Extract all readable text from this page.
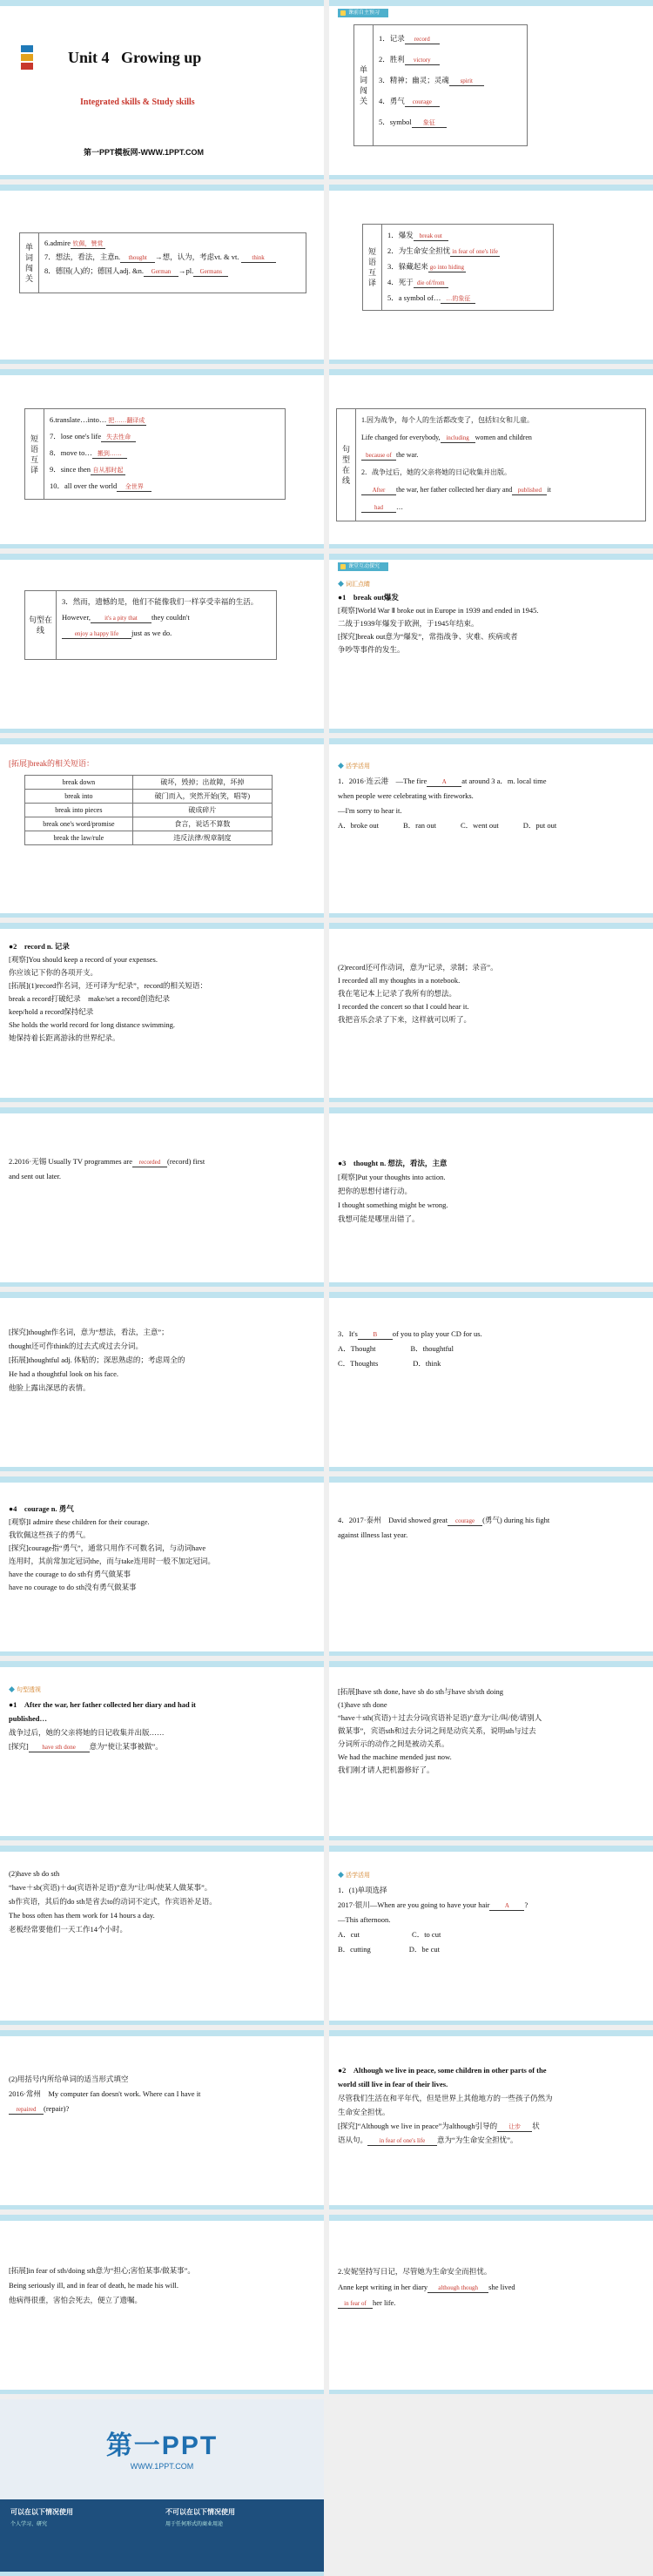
Unit 4 Growing up
Integrated skills & Study skills
第一PPT模板网-WWW.1PPT.COM
课前自主预习
单词闯关
1．记录 record
2．胜利 victory
3．精神；幽灵；灵魂 spirit
4．勇气 courage
5．symbol 象征
单词闯关
6.admire 钦佩，赞赏
7．想法，看法，主意n. thought →想，认为，考虑vt. & vt. think
8．德国(人)的；德国人adj. &n. German →pl. Germans
短语互译
1．爆发 break out
2．为生命安全担忧 in fear of one's life
3．躲藏起来 go into hiding
4．死于 die of/from
5．a symbol of… …的象征
短语互译
6.translate…into… 把……翻译成
7．lose one's life 失去性命
8．move to… 搬到……
9．since then 自从那时起
10．all over the world 全世界
句型在线
1.因为战争，每个人的生活都改变了，包括妇女和儿童。
Life changed for everybody, including women and children
because of the war.
2．战争过后，她的父亲将她的日记收集并出版。
After the war, her father collected her diary and published it
had …
句型在线
3．然而，遗憾的是，他们不能像我们一样享受幸福的生活。
However, it's a pity that they couldn't
enjoy a happy life just as we do.
课堂互动探究
◆ 词汇点睛
●1　break out爆发
[观察]World War Ⅱ broke out in Europe in 1939 and ended in 1945.
二战于1939年爆发于欧洲，于1945年结束。
[探究]break out意为“爆发”，常指战争、灾难、疾病或者
争吵等事件的发生。
[拓展]break的相关短语：
break down	破坏，毁掉；出故障，坏掉
break into	破门而入，突然开始(笑，唱等)
break into pieces	破成碎片
break one's word/promise	食言，说话不算数
break the law/rule	违反法律/规章制度
◆ 活学活用
1．2016·连云港　—The fire A at around 3 a．m. local time
when people were celebrating with fireworks.
—I'm sorry to hear it.
A．broke out	B．ran out	C．went out	D．put out
●2　record n. 记录
[观察]You should keep a record of your expenses.
你应该记下你的各项开支。
[拓展](1)record作名词，还可译为“纪录”，record的相关短语：
break a record打破纪录　make/set a record创造纪录
keep/hold a record保持纪录
She holds the world record for long distance swimming.
她保持着长距离游泳的世界纪录。
(2)record还可作动词，意为“记录，录制；录音”。
I recorded all my thoughts in a notebook.
我在笔记本上记录了我所有的想法。
I recorded the concert so that I could hear it.
我把音乐会录了下来，这样就可以听了。
2.2016·无锡 Usually TV programmes are recorded (record) first
and sent out later.
●3　thought n. 想法，看法，主意
[观察]Put your thoughts into action.
把你的思想付诸行动。
I thought something might be wrong.
我想可能是哪里出错了。
[探究]thought作名词，意为“想法，看法，主意”；
thought还可作think的过去式或过去分词。
[拓展]thoughtful adj. 体贴的；深思熟虑的；考虑周全的
He had a thoughtful look on his face.
他脸上露出深思的表情。
3．It's	B of you to play your CD for us.
A．Thought	B．thoughtful
C．Thoughts	D．think
●4　courage n. 勇气
[观察]I admire these children for their courage.
我钦佩这些孩子的勇气。
[探究]courage指“勇气”，通常只用作不可数名词，与动词have
连用时，其前常加定冠词the，而与take连用时一般不加定冠词。
have the courage to do sth有勇气做某事
have no courage to do sth没有勇气做某事
4．2017·泰州　David showed great courage (勇气) during his fight
against illness last year.
◆ 句型透视
●1　After the war, her father collected her diary and had it
published…
战争过后，她的父亲将她的日记收集并出版……
[探究] have sth done 意为“使让某事被做”。
[拓展]have sth done, have sb do sth与have sb/sth doing
(1)have sth done
“have＋sth(宾语)＋过去分词(宾语补足语)”意为“让/叫/使/请别人
做某事”，宾语sth和过去分词之间是动宾关系，说明sth与过去
分词所示的动作之间是被动关系。
We had the machine mended just now.
我们刚才请人把机器修好了。
(2)have sb do sth
“have＋sb(宾语)＋do(宾语补足语)”意为“让/叫/使某人做某事”。
sb作宾语，其后的do sth是省去to的动词不定式，作宾语补足语。
The boss often has them work for 14 hours a day.
老板经常要他们一天工作14个小时。
◆ 活学活用
1．(1)单项选择
2017·银川—When are you going to have your hair A ?
—This afternoon.
A．cut	C．to cut
B．cutting	D．be cut
(2)用括号内所给单词的适当形式填空
2016·常州　My computer fan doesn't work. Where can I have it
repaired (repair)?
●2　Although we live in peace, some children in other parts of the
world still live in fear of their lives.
尽管我们生活在和平年代，但是世界上其他地方的一些孩子仍然为
生命安全担忧。
[探究]“Although we live in peace”为although引导的 让步 状
语从句。 in fear of one's life 意为“为生命安全担忧”。
[拓展]in fear of sth/doing sth意为“担心;害怕某事/做某事”。
Being seriously ill, and in fear of death, he made his will.
他病得很重，害怕会死去，便立了遗嘱。
2.安妮坚持写日记，尽管她为生命安全而担忧。
Anne kept writing in her diary although though she lived
in fear of her life.
第一PPT
WWW.1PPT.COM
可以在以下情况使用
个人学习、研究
不可以在以下情况使用
用于任何形式的商业用途
